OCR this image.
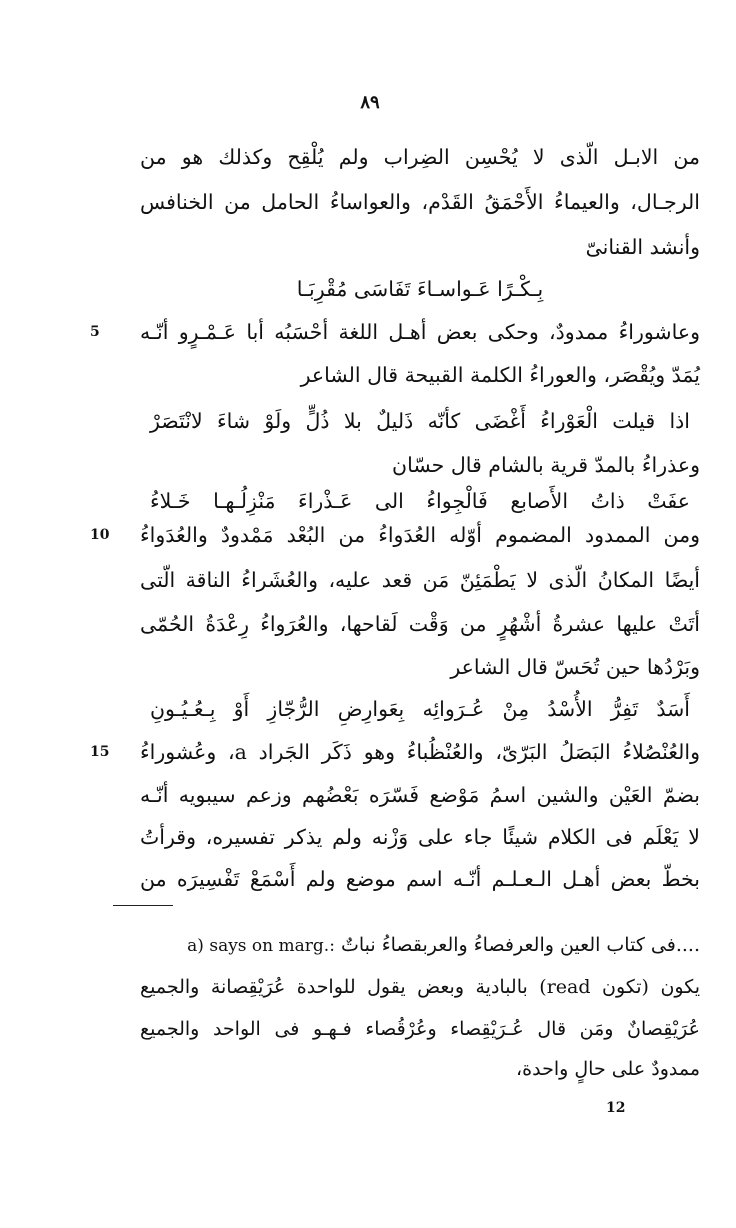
٨٩
من الابـل الّذى لا يُحْسِن الضِراب ولم يُلْقِح وكذلك هو من
الرجـال، والعيماءُ الأَحْمَقُ القَدْم، والعواساءُ الحامل من الخنافس
وأنشد القنانىّ
بِـكْـرًا عَـواسـاءَ تَفَاسَى مُقْرِبَـا
وعاشوراءُ ممدودٌ، وحكى بعض أهـل اللغة أحْسَبُه أبا عَـمْـرٍو أنّـه
5
يُمَدّ ويُقْصَر، والعوراءُ الكلمة القبيحة قال الشاعر
اذا قيلت الْعَوْراءُ أَغْضَى كأنّه ذَليلٌ بلا ذُلٍّ ولَوْ شاءَ لانْتَصَرْ
وعذراءُ بالمدّ قرية بالشام قال حسّان
عفَتْ ذاتُ الأَصابع فَالْجِواءُ الى عَـذْراءَ مَنْزِلُـهـا خَـلاءُ
ومن الممدود المضموم أوّله العُدَواءُ من البُعْد مَمْدودٌ والعُدَواءُ
10
أيضًا المكانُ الّذى لا يَطْمَئِنّ مَن قعد عليه، والعُشَراءُ الناقة الّتى
أتَتْ عليها عشرةُ أشْهُرٍ من وَقْت لَقاحها، والعُرَواءُ رِعْدَةُ الحُمّى
وبَرْدُها حين تُحَسّ قال الشاعر
أَسَدٌ تَفِرُّ الأُسْدُ مِنْ عُـرَوائِه بِعَوارِضِ الرُّجّازِ أَوْ بِـعُـيُـونِ
والعُنْصُلاءُ البَصَلُ البَرّىّ، والعُنْظُباءُ وهو ذَكَر الجَراد a، وعُشوراءُ
15
بضمّ العَيْن والشين اسمُ مَوْضع فَسّرَه بَعْضُهم وزعم سيبويه أنّـه
لا يَعْلَم فى الكلام شيئًا جاء على وَزْنه ولم يذكر تفسيره، وقرأتُ
بخطّ بعض أهـل الـعـلـم أنّـه اسم موضع ولم أَسْمَعْ تَفْسِيرَه من
....فى كتاب العين والعرفصاءُ والعربقصاءُ نباتٌ a) says on marg.:
يكون (تكون read) بالبادية وبعض يقول للواحدة عُرَيْقِصانة والجميع
عُرَيْقِصانٌ ومَن قال عُـرَيْقِصاء وعُرْقُصاء فـهـو فى الواحد والجميع
ممدودٌ على حالٍ واحدة،
12
